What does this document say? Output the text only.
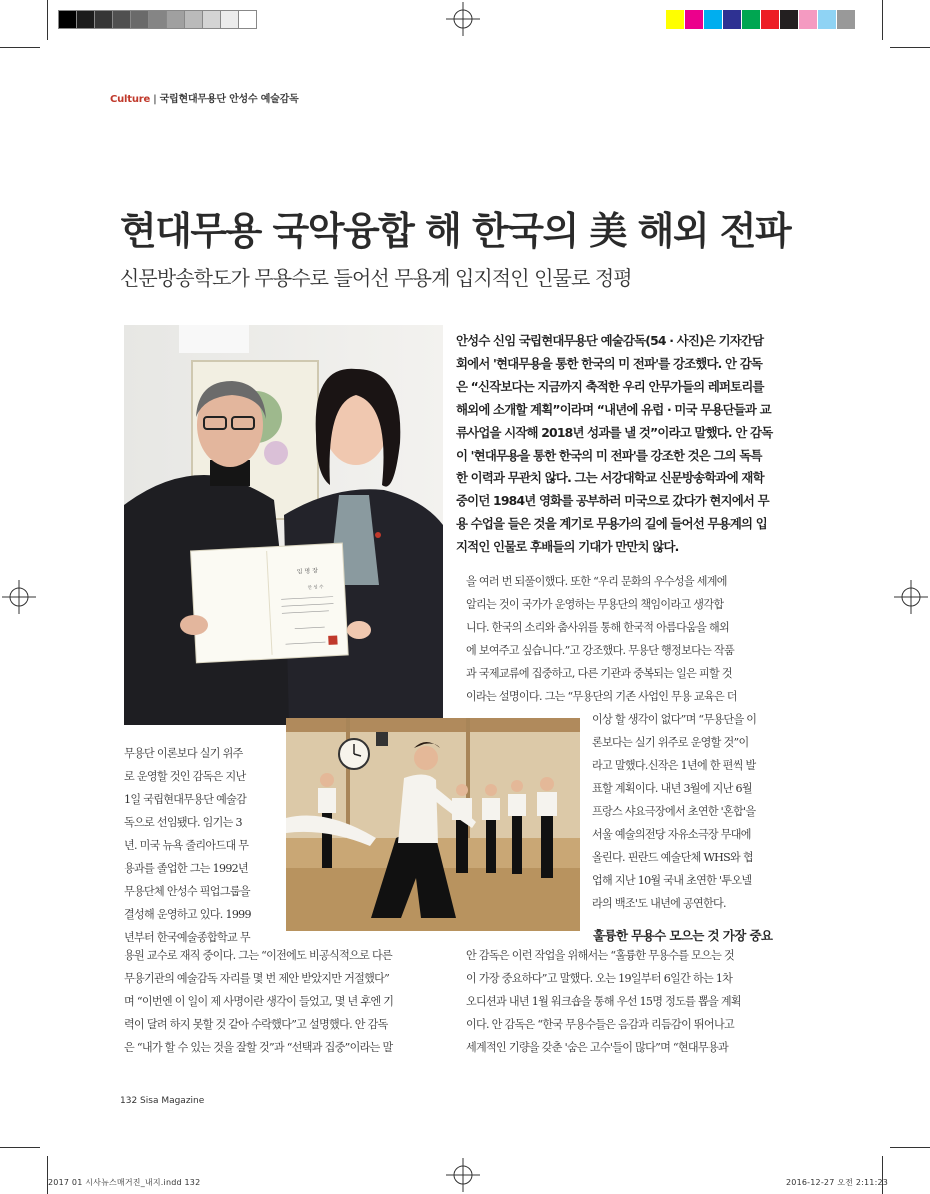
Culture | 국립현대무용단 안성수 예술감독
현대무용 국악융합 해 한국의 美 해외 전파
신문방송학도가 무용수로 들어선 무용계 입지적인 인물로 정평
임 명 장
안 성 수
안성수 신임 국립현대무용단 예술감독(54 · 사진)은 기자간담
회에서 '현대무용을 통한 한국의 미 전파'를 강조했다. 안 감독
은 “신작보다는 지금까지 축적한 우리 안무가들의 레퍼토리를
해외에 소개할 계획”이라며 “내년에 유럽 · 미국 무용단들과 교
류사업을 시작해 2018년 성과를 낼 것”이라고 말했다. 안 감독
이 '현대무용을 통한 한국의 미 전파'를 강조한 것은 그의 독특
한 이력과 무관치 않다. 그는 서강대학교 신문방송학과에 재학
중이던 1984년 영화를 공부하러 미국으로 갔다가 현지에서 무
용 수업을 들은 것을 계기로 무용가의 길에 들어선 무용계의 입
지적인 인물로 후배들의 기대가 만만치 않다.
을 여러 번 되풀이했다. 또한 “우리 문화의 우수성을 세계에
알리는 것이 국가가 운영하는 무용단의 책임이라고 생각합
니다. 한국의 소리와 춤사위를 통해 한국적 아름다움을 해외
에 보여주고 싶습니다.”고 강조했다. 무용단 행정보다는 작품
과 국제교류에 집중하고, 다른 기관과 중복되는 일은 피할 것
이라는 설명이다. 그는 “무용단의 기존 사업인 무용 교육은 더
이상 할 생각이 없다”며 “무용단을 이
론보다는 실기 위주로 운영할 것”이
라고 말했다.신작은 1년에 한 편씩 발
표할 계획이다. 내년 3월에 지난 6월
프랑스 샤요극장에서 초연한 '혼합'을
서울 예술의전당 자유소극장 무대에
올린다. 핀란드 예술단체 WHS와 협
업해 지난 10월 국내 초연한 '투오넬
라의 백조'도 내년에 공연한다.
무용단 이론보다 실기 위주
로 운영할 것인 감독은 지난
1일 국립현대무용단 예술감
독으로 선임됐다. 임기는 3
년. 미국 뉴욕 줄리아드대 무
용과를 졸업한 그는 1992년
무용단체 안성수 픽업그룹을
결성해 운영하고 있다. 1999
년부터 한국예술종합학교 무	훌륭한 무용수 모으는 것 가장 중요
용원 교수로 재직 중이다. 그는 “이전에도 비공식적으로 다른
무용기관의 예술감독 자리를 몇 번 제안 받았지만 거절했다”
며 “이번엔 이 일이 제 사명이란 생각이 들었고, 몇 년 후엔 기
력이 달려 하지 못할 것 같아 수락했다”고 설명했다. 안 감독
은 “내가 할 수 있는 것을 잘할 것”과 “선택과 집중”이라는 말
안 감독은 이런 작업을 위해서는 “훌륭한 무용수를 모으는 것
이 가장 중요하다”고 말했다. 오는 19일부터 6일간 하는 1차
오디션과 내년 1월 워크숍을 통해 우선 15명 정도를 뽑을 계획
이다. 안 감독은 “한국 무용수들은 음감과 리듬감이 뛰어나고
세계적인 기량을 갖춘 '숨은 고수'들이 많다”며 “현대무용과
132 Sisa Magazine
2017 01 시사뉴스매거진_내지.indd 132	2016-12-27 오전 2:11:23
